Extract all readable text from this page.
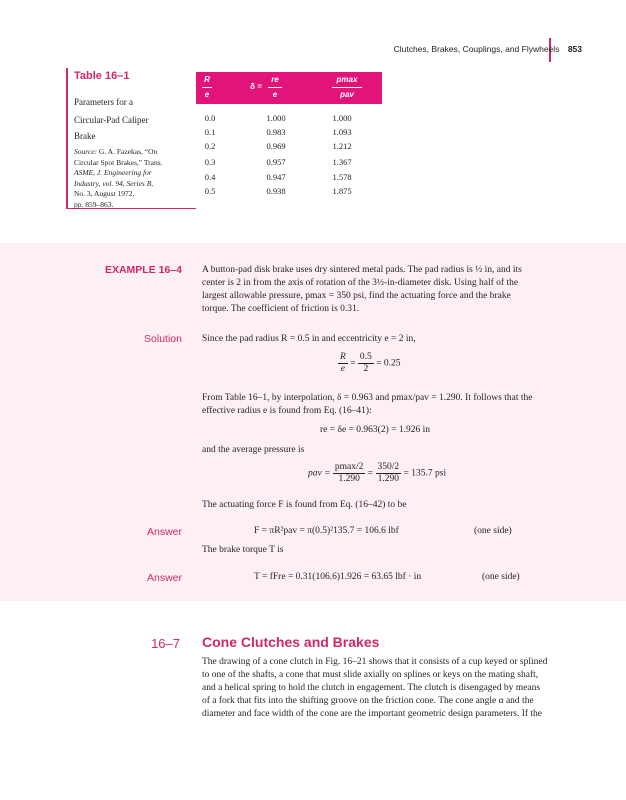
Clutches, Brakes, Couplings, and Flywheels 853
Table 16–1
Parameters for a
Circular-Pad Caliper
Brake
Source: G. A. Fazekas, “On
Circular Spot Brakes,” Trans.
ASME, J. Engineering for
Industry, vol. 94, Series B,
No. 3, August 1972,
pp. 859–863.
R
e
δ =
re
e
pmax
pav
0.0	1.000	1.000
0.1	0.983	1.093
0.2	0.969	1.212
0.3	0.957	1.367
0.4	0.947	1.578
0.5	0.938	1.875
EXAMPLE 16–4 A button-pad disk brake uses dry sintered metal pads. The pad radius is ½ in, and its
center is 2 in from the axis of rotation of the 3½-in-diameter disk. Using half of the
largest allowable pressure, pmax = 350 psi, find the actuating force and the brake
torque. The coefficient of friction is 0.31.
Solution Since the pad radius R = 0.5 in and eccentricity e = 2 in,
$\frac{R}{e} = \frac{0.5}{2} = 0.25$
From Table 16–1, by interpolation, δ = 0.963 and pmax/pav = 1.290. It follows that the
effective radius e is found from Eq. (16–41):
re = δe = 0.963(2) = 1.926 in
and the average pressure is
pav =
pmax/2
1.290
= $\frac{350/2}{1.290} = 135.7$ psi
The actuating force F is found from Eq. (16–42) to be
Answer	F = πR²pav = π(0.5)²135.7 = 106.6 lbf	(one side)
The brake torque T is
Answer	T = fFre = 0.31(106.6)1.926 = 63.65 lbf · in	(one side)
16–7 Cone Clutches and Brakes
The drawing of a cone clutch in Fig. 16–21 shows that it consists of a cup keyed or splined
to one of the shafts, a cone that must slide axially on splines or keys on the mating shaft,
and a helical spring to hold the clutch in engagement. The clutch is disengaged by means
of a fork that fits into the shifting groove on the friction cone. The cone angle α and the
diameter and face width of the cone are the important geometric design parameters. If the
